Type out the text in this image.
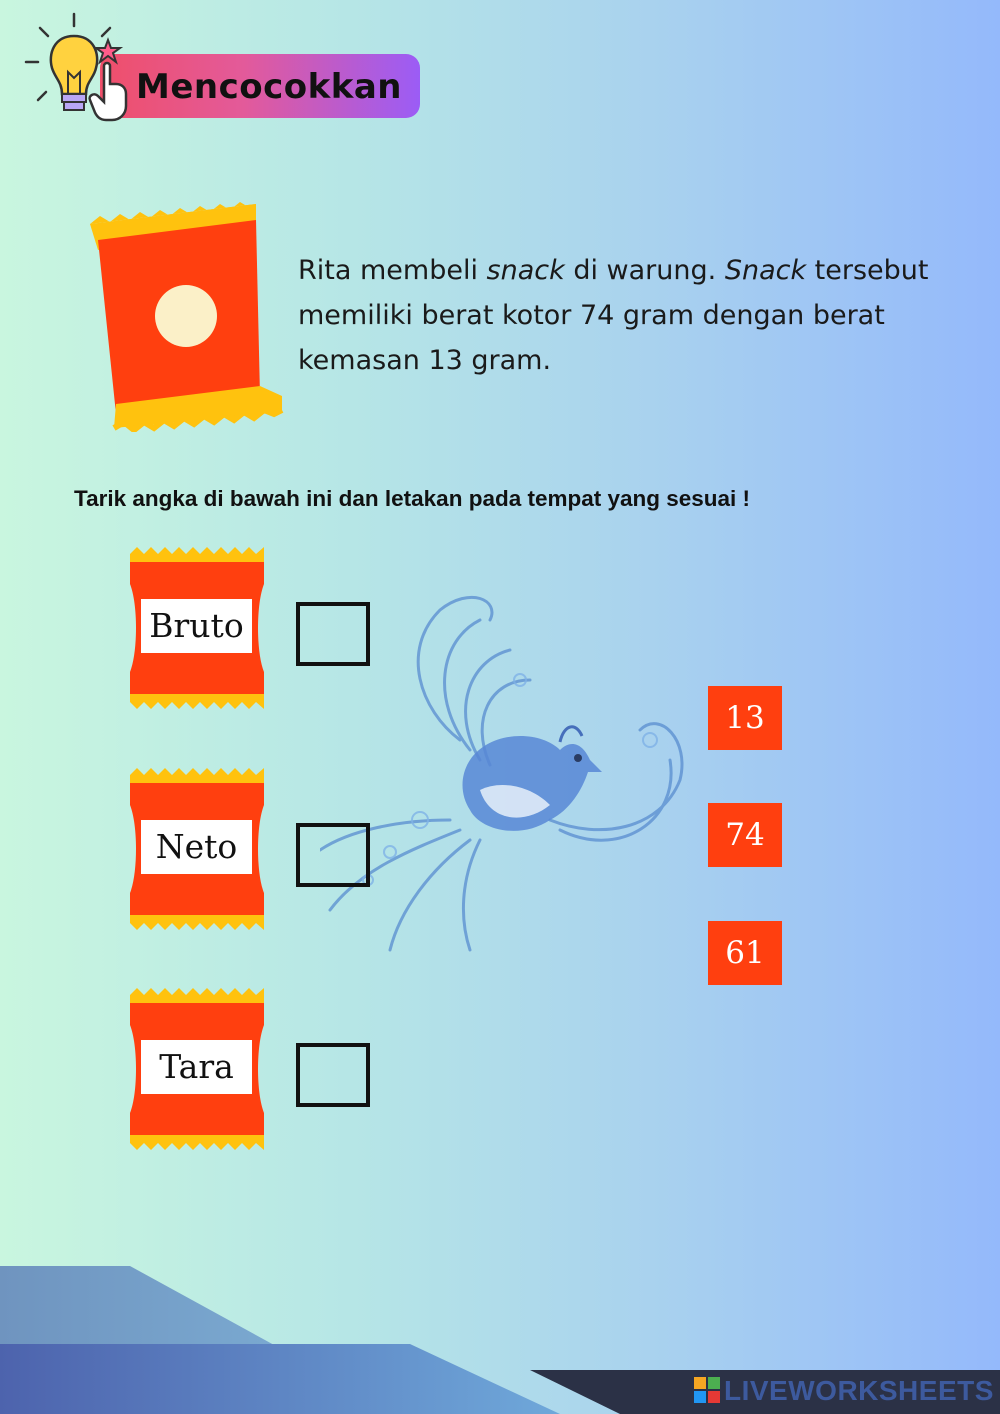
Mencocokkan
Rita membeli snack di warung. Snack tersebut memiliki berat kotor 74 gram dengan berat kemasan 13 gram.
Tarik angka di bawah ini dan letakan pada tempat yang sesuai !
Bruto
Neto
Tara
13
74
61
LIVEWORKSHEETS
